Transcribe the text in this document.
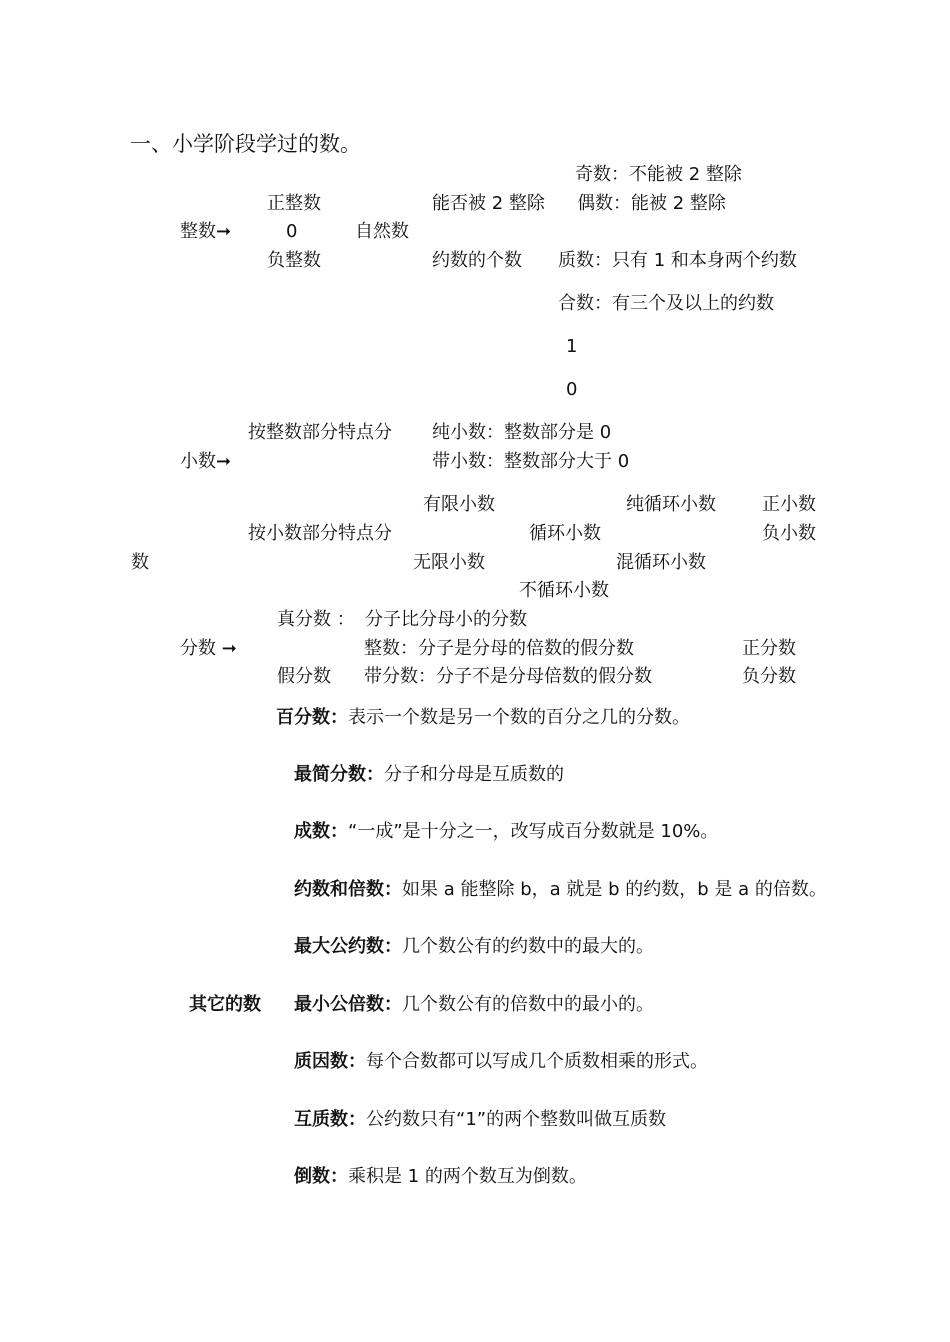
一、小学阶段学过的数。
奇数：不能被 2 整除
正整数	能否被 2 整除 偶数：能被 2 整除
整数➞	0	自然数
负整数	约数的个数 质数：只有 1 和本身两个约数
合数：有三个及以上的约数
1
0
按整数部分特点分 纯小数：整数部分是 0
小数➞	带小数：整数部分大于 0
有限小数	纯循环小数	正小数
按小数部分特点分	循环小数	负小数
数	无限小数	混循环小数
不循环小数
真分数 ： 分子比分母小的分数
分数 ➞	整数：分子是分母的倍数的假分数	正分数
假分数 带分数：分子不是分母倍数的假分数	负分数
百分数：表示一个数是另一个数的百分之几的分数。
其它的数
最简分数：分子和分母是互质数的
成数：“一成”是十分之一，改写成百分数就是 10%。
约数和倍数：如果 a 能整除 b，a 就是 b 的约数，b 是 a 的倍数。
最大公约数：几个数公有的约数中的最大的。
最小公倍数：几个数公有的倍数中的最小的。
质因数：每个合数都可以写成几个质数相乘的形式。
互质数：公约数只有“1”的两个整数叫做互质数
倒数：乘积是 1 的两个数互为倒数。
